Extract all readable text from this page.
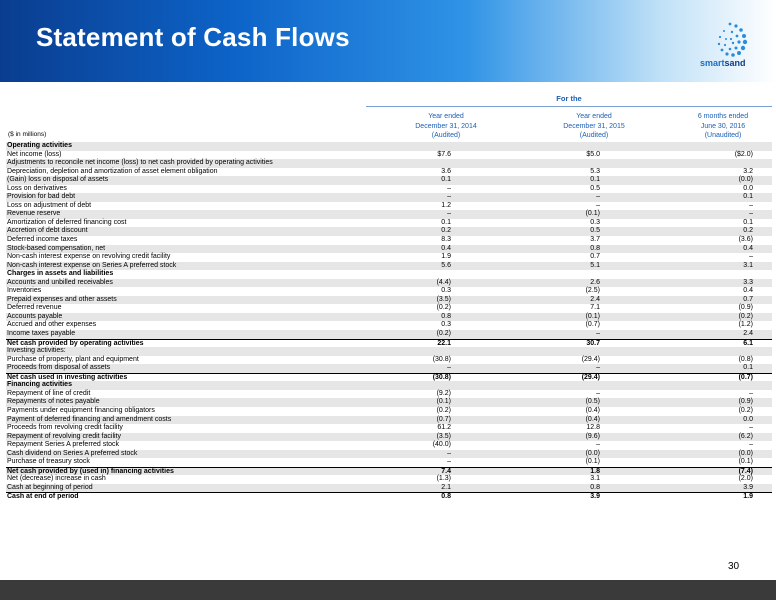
Statement of Cash Flows
smartsand
For the
Year ended
December 31, 2014
(Audited)
Year ended
December 31, 2015
(Audited)
6 months ended
June 30, 2016
(Unaudited)
($ in millions)
Operating activities
Net income (loss)	$7.6	$5.0	($2.0)
Adjustments to reconcile net income (loss) to net cash provided by operating activities
Depreciation, depletion and amortization of asset element obligation	3.6	5.3	3.2
(Gain) loss on disposal of assets	0.1	0.1	(0.0)
Loss on derivatives	–	0.5	0.0
Provision for bad debt	–	–	0.1
Loss on adjustment of debt	1.2	–	–
Revenue reserve	–	(0.1)	–
Amortization of deferred financing cost	0.1	0.3	0.1
Accretion of debt discount	0.2	0.5	0.2
Deferred income taxes	8.3	3.7	(3.6)
Stock-based compensation, net	0.4	0.8	0.4
Non-cash interest expense on revolving credit facility	1.9	0.7	–
Non-cash interest expense on Series A preferred stock	5.6	5.1	3.1
Charges in assets and liabilities
Accounts and unbilled receivables	(4.4)	2.6	3.3
Inventories	0.3	(2.5)	0.4
Prepaid expenses and other assets	(3.5)	2.4	0.7
Deferred revenue	(0.2)	7.1	(0.9)
Accounts payable	0.8	(0.1)	(0.2)
Accrued and other expenses	0.3	(0.7)	(1.2)
Income taxes payable	(0.2)	–	2.4
Net cash provided by operating activities	22.1	30.7	6.1
Investing activities:
Purchase of property, plant and equipment	(30.8)	(29.4)	(0.8)
Proceeds from disposal of assets	–	–	0.1
Net cash used in investing activities	(30.8)	(29.4)	(0.7)
Financing activities
Repayment of line of credit	(9.2)	–	–
Repayments of notes payable	(0.1)	(0.5)	(0.9)
Payments under equipment financing obligators	(0.2)	(0.4)	(0.2)
Payment of deferred financing and amendment costs	(0.7)	(0.4)	0.0
Proceeds from revolving credit facility	61.2	12.8	–
Repayment of revolving credit facility	(3.5)	(9.6)	(6.2)
Repayment Series A preferred stock	(40.0)	–	–
Cash dividend on Series A preferred stock	–	(0.0)	(0.0)
Purchase of treasury stock	–	(0.1)	(0.1)
Net cash provided by (used in) financing activities	7.4	1.8	(7.4)
Net (decrease) increase in cash	(1.3)	3.1	(2.0)
Cash at beginning of period	2.1	0.8	3.9
Cash at end of period	0.8	3.9	1.9
30
